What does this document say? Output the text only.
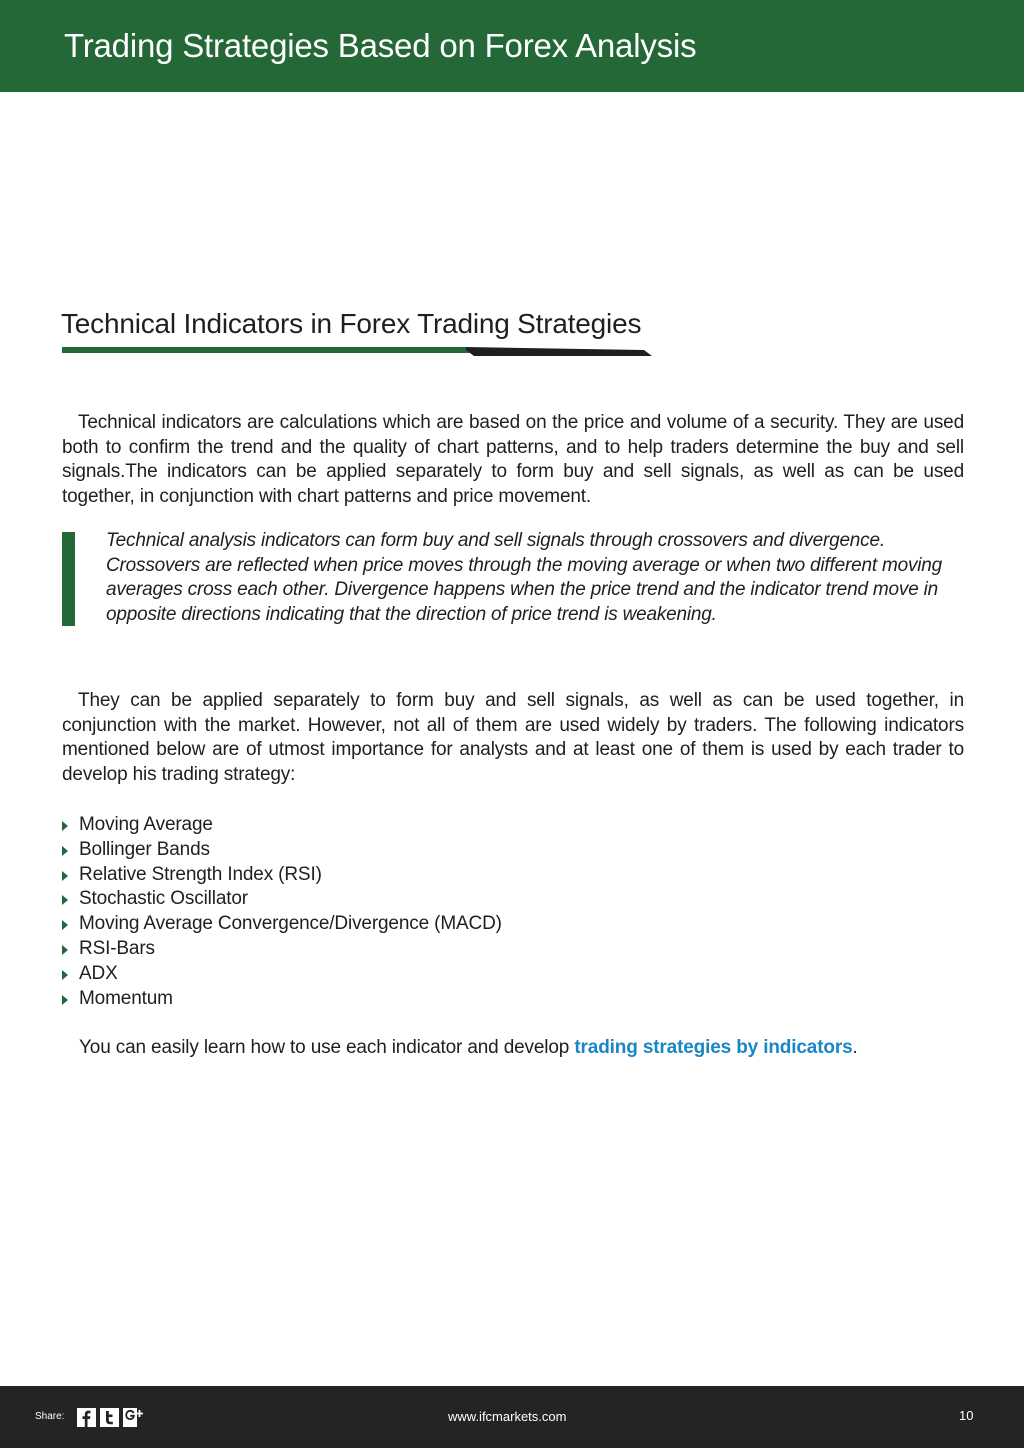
Trading Strategies Based on Forex Analysis
Technical Indicators in Forex Trading Strategies

Technical indicators are calculations which are based on the price and volume of a security. They are used both to confirm the trend and the quality of chart patterns, and to help traders determine the buy and sell signals.The indicators can be applied separately to form buy and sell signals, as well as can be used together, in conjunction with chart patterns and price movement.

Technical analysis indicators can form buy and sell signals through crossovers and divergence. Crossovers are reflected when price moves through the moving average or when two different moving averages cross each other. Divergence happens when the price trend and the indicator trend move in opposite directions indicating that the direction of price trend is weakening.

They can be applied separately to form buy and sell signals, as well as can be used together, in conjunction with the market. However, not all of them are used widely by traders. The following indicators mentioned below are of utmost importance for analysts and at least one of them is used by each trader to develop his trading strategy:

Moving Average
Bollinger Bands
Relative Strength Index (RSI)
Stochastic Oscillator
Moving Average Convergence/Divergence (MACD)
RSI-Bars
ADX
Momentum

You can easily learn how to use each indicator and develop trading strategies by indicators.

Share:	www.ifcmarkets.com	10
